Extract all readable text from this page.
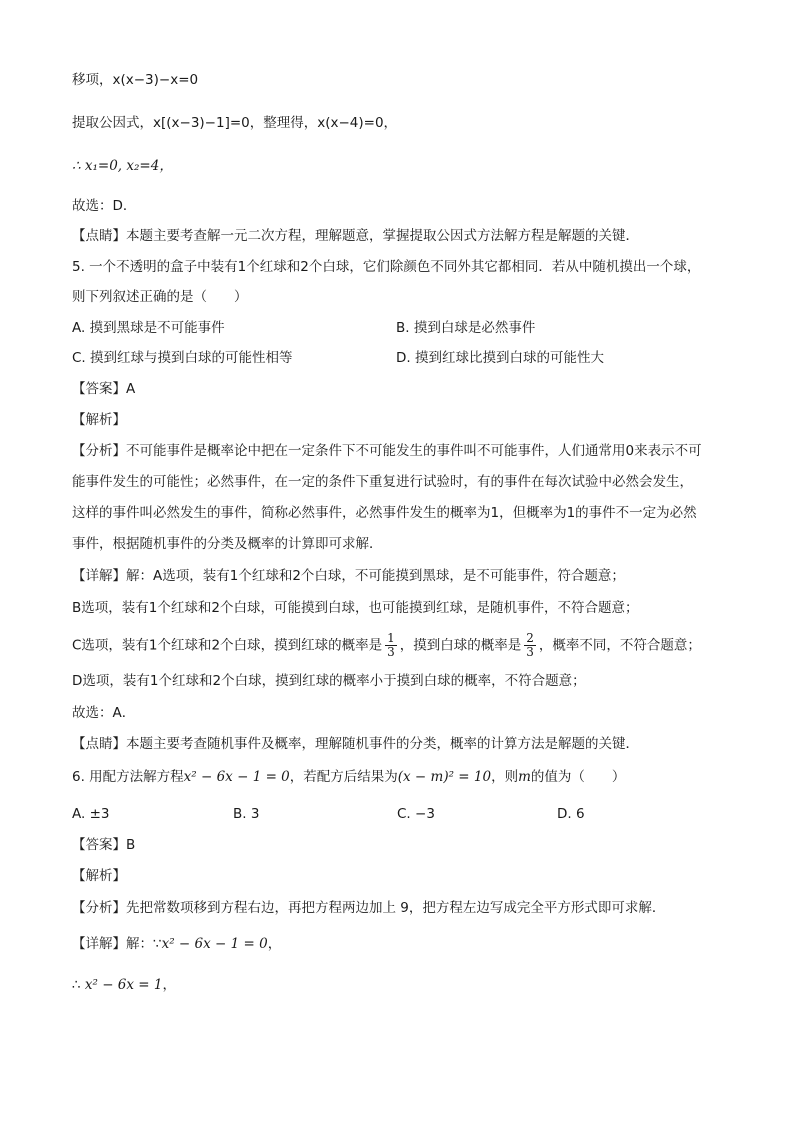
移项，x(x−3)−x=0
提取公因式，x[(x−3)−1]=0，整理得，x(x−4)=0，
∴ x₁=0, x₂=4，
故选：D．
【点睛】本题主要考查解一元二次方程，理解题意，掌握提取公因式方法解方程是解题的关键．
5. 一个不透明的盒子中装有1个红球和2个白球，它们除颜色不同外其它都相同．若从中随机摸出一个球，
则下列叙述正确的是（　　）
A. 摸到黑球是不可能事件	B. 摸到白球是必然事件
C. 摸到红球与摸到白球的可能性相等	D. 摸到红球比摸到白球的可能性大
【答案】A
【解析】
【分析】不可能事件是概率论中把在一定条件下不可能发生的事件叫不可能事件，人们通常用0来表示不可
能事件发生的可能性；必然事件，在一定的条件下重复进行试验时，有的事件在每次试验中必然会发生，
这样的事件叫必然发生的事件，简称必然事件，必然事件发生的概率为1，但概率为1的事件不一定为必然
事件，根据随机事件的分类及概率的计算即可求解．
【详解】解：A选项，装有1个红球和2个白球，不可能摸到黑球，是不可能事件，符合题意；
B选项，装有1个红球和2个白球，可能摸到白球，也可能摸到红球，是随机事件，不符合题意；
C选项，装有1个红球和2个白球，摸到红球的概率是 $\frac{1}{3}$ ，摸到白球的概率是 $\frac{2}{3}$ ，概率不同，不符合题意；
D选项，装有1个红球和2个白球，摸到红球的概率小于摸到白球的概率，不符合题意；
故选：A．
【点睛】本题主要考查随机事件及概率，理解随机事件的分类，概率的计算方法是解题的关键．
6. 用配方法解方程x² − 6x − 1 = 0，若配方后结果为(x − m)² = 10，则m的值为（　　）
A. ±3	B. 3	C. −3	D. 6
【答案】B
【解析】
【分析】先把常数项移到方程右边，再把方程两边加上 9，把方程左边写成完全平方形式即可求解．
【详解】解：∵x² − 6x − 1 = 0，
∴ x² − 6x = 1，
